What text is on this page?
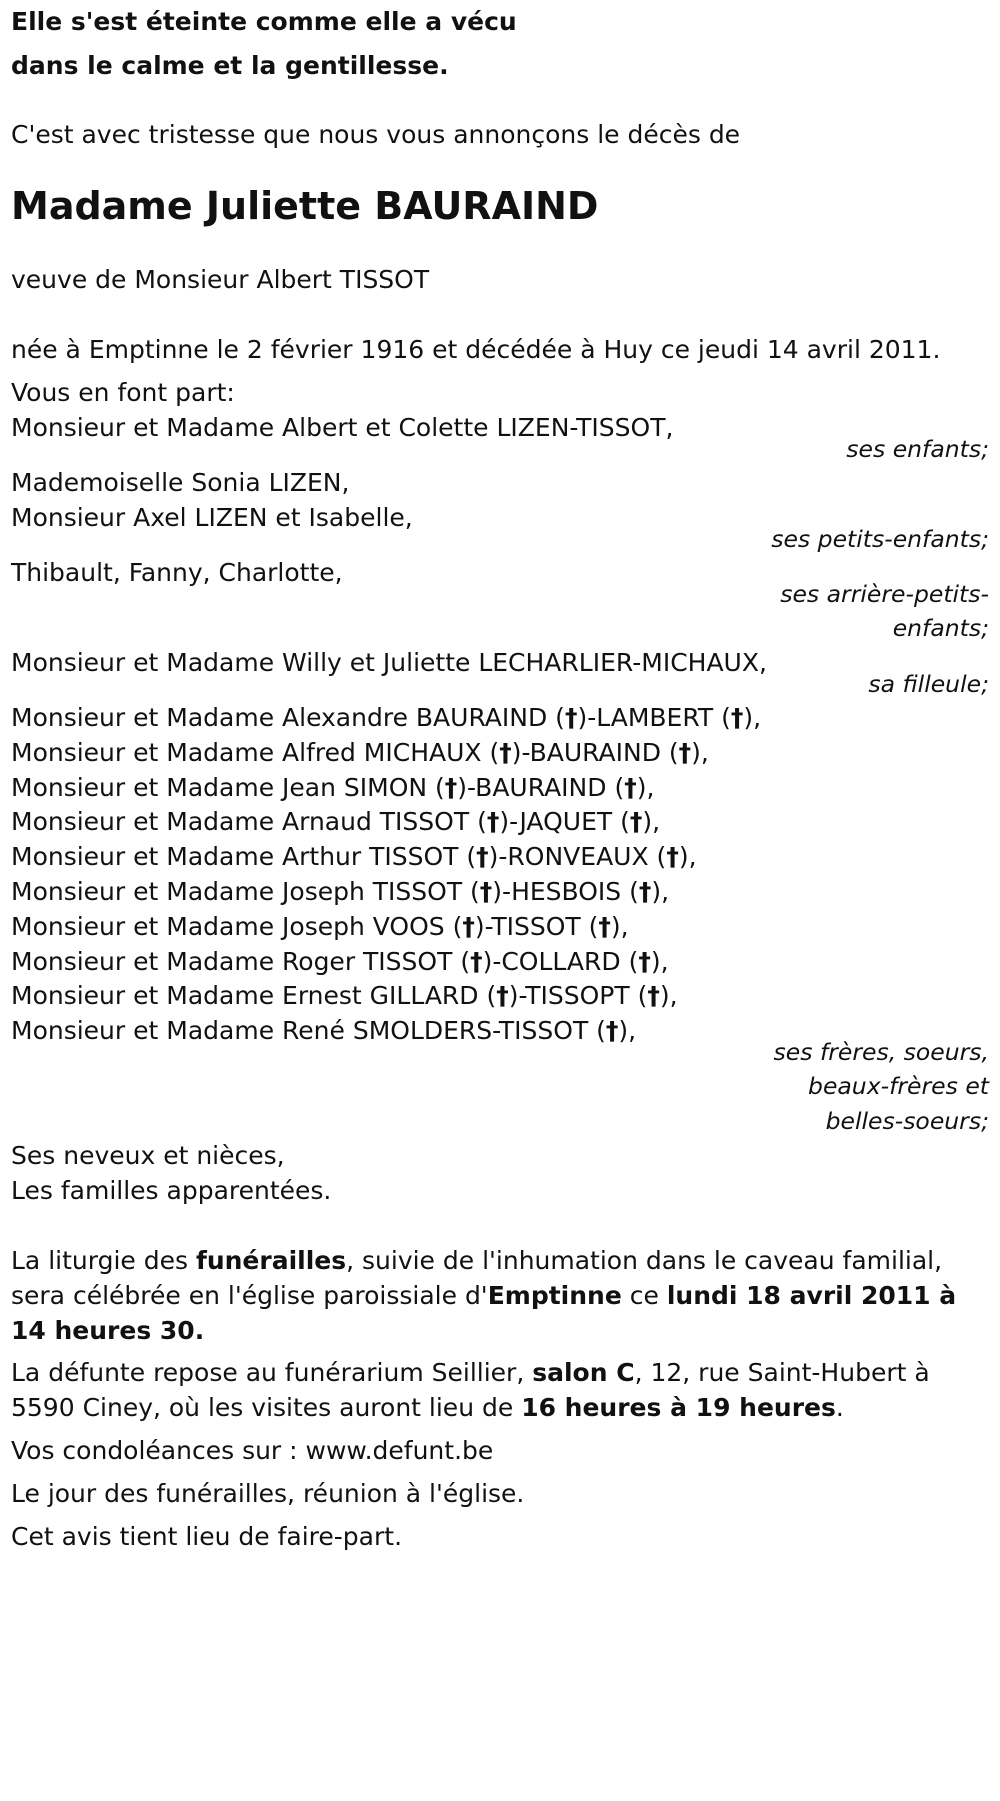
Elle s'est éteinte comme elle a vécu
dans le calme et la gentillesse.
C'est avec tristesse que nous vous annonçons le décès de
Madame Juliette BAURAIND
veuve de Monsieur Albert TISSOT
née à Emptinne le 2 février 1916 et décédée à Huy ce jeudi 14 avril 2011.
Vous en font part:
Monsieur et Madame Albert et Colette LIZEN-TISSOT,
ses enfants;
Mademoiselle Sonia LIZEN,
Monsieur Axel LIZEN et Isabelle,
ses petits-enfants;
Thibault, Fanny, Charlotte,
ses arrière-petits-
enfants;
Monsieur et Madame Willy et Juliette LECHARLIER-MICHAUX,
sa filleule;
Monsieur et Madame Alexandre BAURAIND ( † )-LAMBERT ( † ),
Monsieur et Madame Alfred MICHAUX ( † )-BAURAIND ( † ),
Monsieur et Madame Jean SIMON ( † )-BAURAIND ( † ),
Monsieur et Madame Arnaud TISSOT ( † )-JAQUET ( † ),
Monsieur et Madame Arthur TISSOT ( † )-RONVEAUX ( † ),
Monsieur et Madame Joseph TISSOT ( † )-HESBOIS ( † ),
Monsieur et Madame Joseph VOOS ( † )-TISSOT ( † ),
Monsieur et Madame Roger TISSOT ( † )-COLLARD ( † ),
Monsieur et Madame Ernest GILLARD ( † )-TISSOPT ( † ),
Monsieur et Madame René SMOLDERS-TISSOT ( † ),
ses frères, soeurs,
beaux-frères et
belles-soeurs;
Ses neveux et nièces,
Les familles apparentées.
La liturgie des funérailles, suivie de l'inhumation dans le caveau familial,
sera célébrée en l'église paroissiale d'Emptinne ce lundi 18 avril 2011 à
14 heures 30.
La défunte repose au funérarium Seillier, salon C, 12, rue Saint-Hubert à
5590 Ciney, où les visites auront lieu de 16 heures à 19 heures.
Vos condoléances sur : www.defunt.be
Le jour des funérailles, réunion à l'église.
Cet avis tient lieu de faire-part.
